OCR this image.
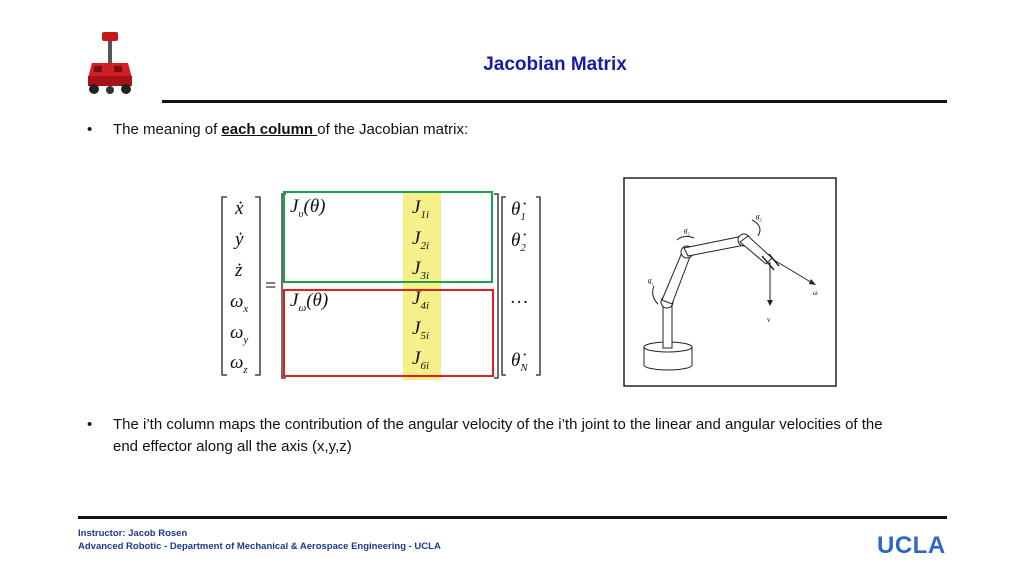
Jacobian Matrix
• The meaning of each column of the Jacobian matrix:
ẋ
ẏ
ż
$\omega_x$
$\omega_y$
$\omega_z$
=
$J_\upsilon(\theta)$
$J_\omega(\theta)$
$J_{1i}$
$J_{2i}$
$J_{3i}$
$J_{4i}$
$J_{5i}$
$J_{6i}$
$\thetȧ_1$
$\thetȧ_2$
…
$\thetȧ_N$
θ̇₁
θ̇₂
θ̇₃
v
ω
• The i’th column maps the contribution of the angular velocity of the i’th joint to the linear and angular velocities of the end effector along all the axis (x,y,z)
Instructor: Jacob Rosen
Advanced Robotic - Department of Mechanical & Aerospace Engineering - UCLA	UCLA
